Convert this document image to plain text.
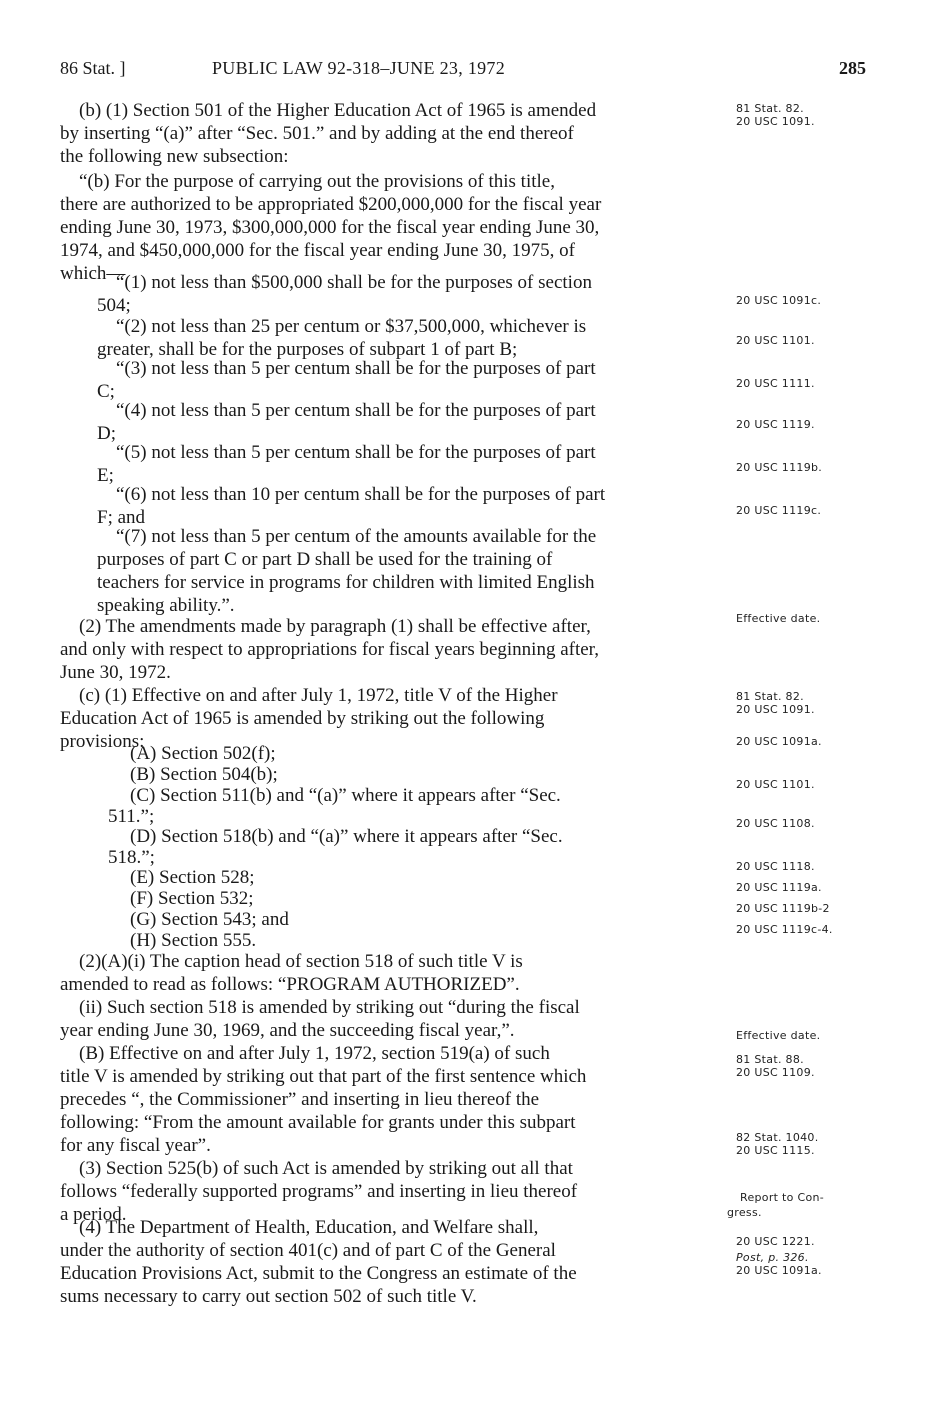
86 Stat. ]	PUBLIC LAW 92-318–JUNE 23, 1972	285
(b) (1) Section 501 of the Higher Education Act of 1965 is amended
by inserting “(a)” after “Sec. 501.” and by adding at the end thereof
the following new subsection:
“(b) For the purpose of carrying out the provisions of this title,
there are authorized to be appropriated $200,000,000 for the fiscal year
ending June 30, 1973, $300,000,000 for the fiscal year ending June 30,
1974, and $450,000,000 for the fiscal year ending June 30, 1975, of
which—
“(1) not less than $500,000 shall be for the purposes of section
504;
“(2) not less than 25 per centum or $37,500,000, whichever is
greater, shall be for the purposes of subpart 1 of part B;
“(3) not less than 5 per centum shall be for the purposes of part
C;
“(4) not less than 5 per centum shall be for the purposes of part
D;
“(5) not less than 5 per centum shall be for the purposes of part
E;
“(6) not less than 10 per centum shall be for the purposes of part
F; and
“(7) not less than 5 per centum of the amounts available for the
purposes of part C or part D shall be used for the training of
teachers for service in programs for children with limited English
speaking ability.”.
(2) The amendments made by paragraph (1) shall be effective after,
and only with respect to appropriations for fiscal years beginning after,
June 30, 1972.
(c) (1) Effective on and after July 1, 1972, title V of the Higher
Education Act of 1965 is amended by striking out the following
provisions:
(A) Section 502(f);
(B) Section 504(b);
(C) Section 511(b) and “(a)” where it appears after “Sec.
511.”;
(D) Section 518(b) and “(a)” where it appears after “Sec.
518.”;
(E) Section 528;
(F) Section 532;
(G) Section 543; and
(H) Section 555.
(2)(A)(i) The caption head of section 518 of such title V is
amended to read as follows: “PROGRAM AUTHORIZED”.
(ii) Such section 518 is amended by striking out “during the fiscal
year ending June 30, 1969, and the succeeding fiscal year,”.
(B) Effective on and after July 1, 1972, section 519(a) of such
title V is amended by striking out that part of the first sentence which
precedes “, the Commissioner” and inserting in lieu thereof the
following: “From the amount available for grants under this subpart
for any fiscal year”.
(3) Section 525(b) of such Act is amended by striking out all that
follows “federally supported programs” and inserting in lieu thereof
a period.
(4) The Department of Health, Education, and Welfare shall,
under the authority of section 401(c) and of part C of the General
Education Provisions Act, submit to the Congress an estimate of the
sums necessary to carry out section 502 of such title V.
81 Stat. 82.
20 USC 1091.
20 USC 1091c.
20 USC 1101.
20 USC 1111.
20 USC 1119.
20 USC 1119b.
20 USC 1119c.
Effective date.
81 Stat. 82.
20 USC 1091.
20 USC 1091a.
20 USC 1101.
20 USC 1108.
20 USC 1118.
20 USC 1119a.
20 USC 1119b-2
20 USC 1119c-4.
Effective date.
81 Stat. 88.
20 USC 1109.
82 Stat. 1040.
20 USC 1115.
Report to Con-
gress.
20 USC 1221.
Post, p. 326.
20 USC 1091a.
